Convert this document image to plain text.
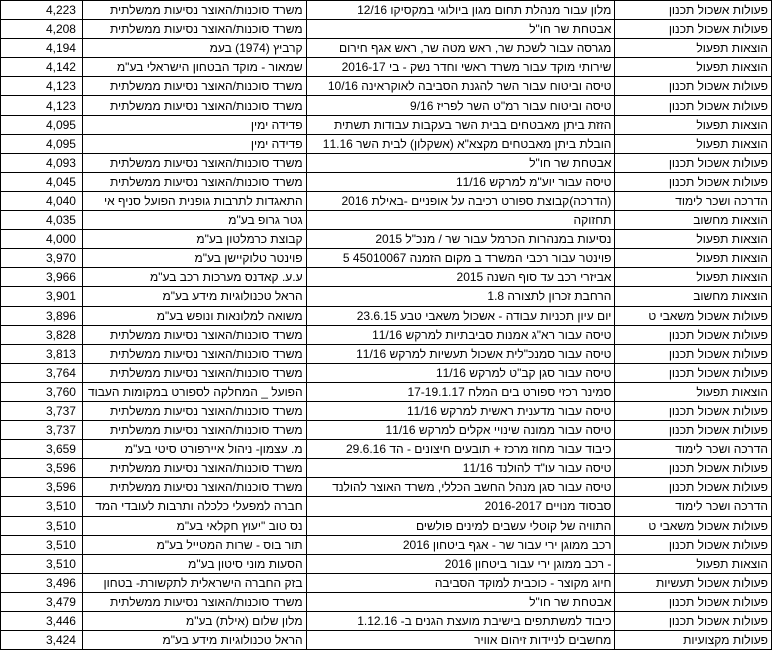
4,223	משרד סוכנות/האוצר נסיעות ממשלתית	מלון עבור מנהלת תחום מגון ביולוגי במקסיקו 12/16	פעולות אשכול תכנון
4,208	משרד סוכנות/האוצר נסיעות ממשלתית	אבטחת שר חו"ל	פעולות אשכול תכנון
4,194	קרביץ (1974) בעמ	מגרסה עבור לשכת שר, ראש מטה שר, ראש אגף חירום	הוצאות תפעול
4,142	שמאור - מוקד הבטחון הישראלי בע"מ	שירותי מוקד עבור משרד ראשי וחדר נשק - בי 2016-17	הוצאות תפעול
4,123	משרד סוכנות/האוצר נסיעות ממשלתית	טיסה וביטוח עבור השר להגנת הסביבה לאוקראינה 10/16	פעולות אשכול תכנון
4,123	משרד סוכנות/האוצר נסיעות ממשלתית	טיסה וביטוח עבור רמ"ט השר לפריז 9/16	פעולות אשכול תכנון
4,095	פדידה ימין	הזזת ביתן מאבטחים בבית השר בעקבות עבודות תשתית	הוצאות תפעול
4,095	פדידה ימין	הובלת ביתן מאבטחים מקצא"א (אשקלון) לבית השר 11.16	הוצאות תפעול
4,093	משרד סוכנות/האוצר נסיעות ממשלתית	אבטחת שר חו"ל	פעולות אשכול תכנון
4,045	משרד סוכנות/האוצר נסיעות ממשלתית	טיסה עבור יוע"מ למרקש 11/16	פעולות אשכול תכנון
4,040	התאגדות לתרבות גופנית הפועל סניף אי	(הדרכה)קבוצת ספורט רכיבה על אופניים -באילת 2016	הדרכה ושכר לימוד
4,035	גטר גרופ בע"מ	תחזוקה	הוצאות מחשוב
4,000	קבוצת כרמלטון בע"מ	נסיעות במנהרות הכרמל עבור שר / מנכ"ל 2015	הוצאות תפעול
3,970	פוינטר טלוקיישן בע"מ	פוינטר עבור רכבי המשרד ב מקום הזמנה 45010067 5	הוצאות תפעול
3,966	ע.ע. קאדנס מערכות רכב בע"מ	אביזרי רכב עד סוף השנה 2015	הוצאות תפעול
3,901	הראל טכנולוגיות מידע בע"מ	הרחבת זכרון לתצורה 1.8	הוצאות מחשוב
3,896	משואה למלונאות ונופש בע"מ	יום עיון תכניות עבודה - אשכול משאבי טבע 23.6.15	פעולות אשכול משאבי ט
3,828	משרד סוכנות/האוצר נסיעות ממשלתית	טיסה עבור רא"ג אמנות סביבתיות למרקש 11/16	פעולות אשכול תכנון
3,813	משרד סוכנות/האוצר נסיעות ממשלתית	טיסה עבור סמנכ"לית אשכול תעשיות למרקש 11/16	פעולות אשכול תכנון
3,764	משרד סוכנות/האוצר נסיעות ממשלתית	טיסה עבור סגן קב"ט למרקש 11/16	פעולות אשכול תכנון
3,760	הפועל _ המחלקה לספורט במקומות העבוד	סמינר רכזי ספורט בים המלח 17-19.1.17	הוצאות תפעול
3,737	משרד סוכנות/האוצר נסיעות ממשלתית	טיסה עבור מדענית ראשית למרקש 11/16	פעולות אשכול תכנון
3,737	משרד סוכנות/האוצר נסיעות ממשלתית	טיסה עבור ממונה שינויי אקלים למרקש 11/16	פעולות אשכול תכנון
3,659	מ. עצמון- ניהול איירפורט סיטי בע"מ	כיבוד עבור מחוז מרכז + תובעים חיצונים - הד 29.6.16	הדרכה ושכר לימוד
3,596	משרד סוכנות/האוצר נסיעות ממשלתית	טיסה עבור עו"ד להולנד 11/16	פעולות אשכול תכנון
3,596	משרד סוכנות/האוצר נסיעות ממשלתית	טיסה עבור סגן מנהל החשב הכללי, משרד האוצר להולנד	פעולות אשכול תכנון
3,510	חברה למפעלי כלכלה ותרבות לעובדי המד	סבסוד מנויים 2016-2017	הדרכה ושכר לימוד
3,510	נס טוב "יעוץ חקלאי בע"מ	התוויה של קוטלי עשבים למינים פולשים	פעולות אשכול משאבי ט
3,510	תור בוס - שרות המטייל בע"מ	רכב ממוגן ירי עבור שר - אגף ביטחון 2016	פעולות אשכול תכנון
3,510	הסעות מוני סיטון בע"מ	- רכב ממוגן ירי עבור ביטחון 2016	הוצאות תפעול
3,496	בזק החברה הישראלית לתקשורת- בטחון	חיוג מקוצר - כוכבית למוקד הסביבה	פעולות אשכול תעשיות
3,479	משרד סוכנות/האוצר נסיעות ממשלתית	אבטחת שר חו"ל	פעולות אשכול תכנון
3,446	מלון שלום (אילת) בע"מ	כיבוד למשתתפים בישיבת מועצת הגנים ב- 1.12.16	פעולות אשכול תכנון
3,424	הראל טכנולוגיות מידע בע"מ	מחשבים לניידות זיהום אוויר	פעולות מקצועיות
